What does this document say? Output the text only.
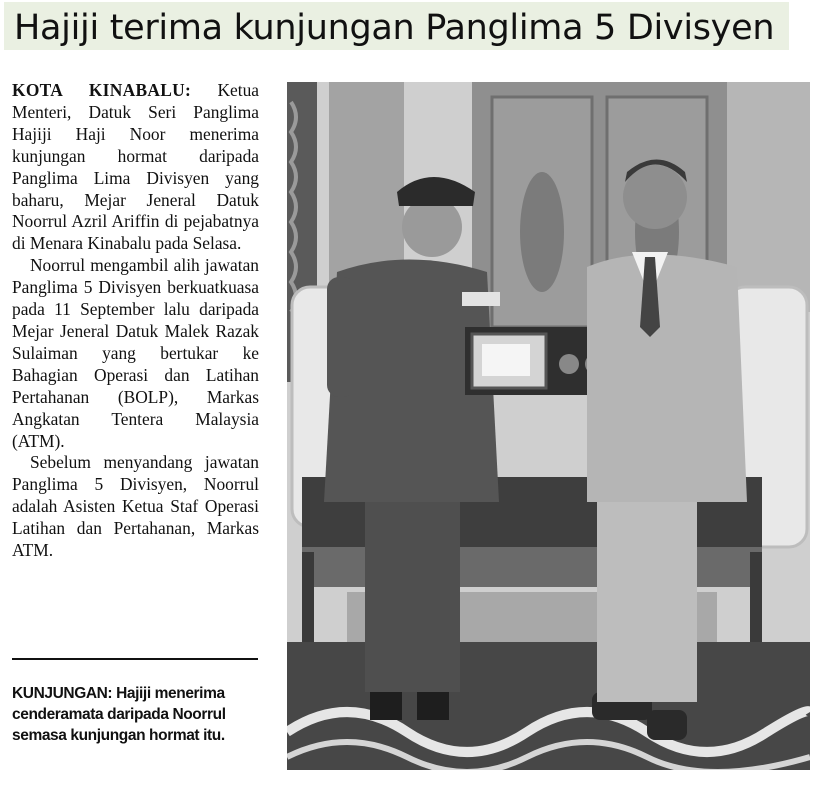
Hajiji terima kunjungan Panglima 5 Divisyen

KOTA KINABALU: Ketua Menteri, Datuk Seri Panglima Hajiji Haji Noor menerima kunjungan hormat daripada Panglima Lima Divisyen yang baharu, Mejar Jeneral Datuk Noorrul Azril Ariffin di pejabatnya di Menara Kinabalu pada Selasa.

Noorrul mengambil alih jawatan Panglima 5 Divisyen berkuatkuasa pada 11 September lalu daripada Mejar Jeneral Datuk Malek Razak Sulaiman yang bertukar ke Bahagian Operasi dan Latihan Pertahanan (BOLP), Markas Angkatan Tentera Malaysia (ATM).

Sebelum menyandang jawatan Panglima 5 Divisyen, Noorrul adalah Asisten Ketua Staf Operasi Latihan dan Pertahanan, Markas ATM.

KUNJUNGAN: Hajiji menerima cenderamata daripada Noorrul semasa kunjungan hormat itu.
